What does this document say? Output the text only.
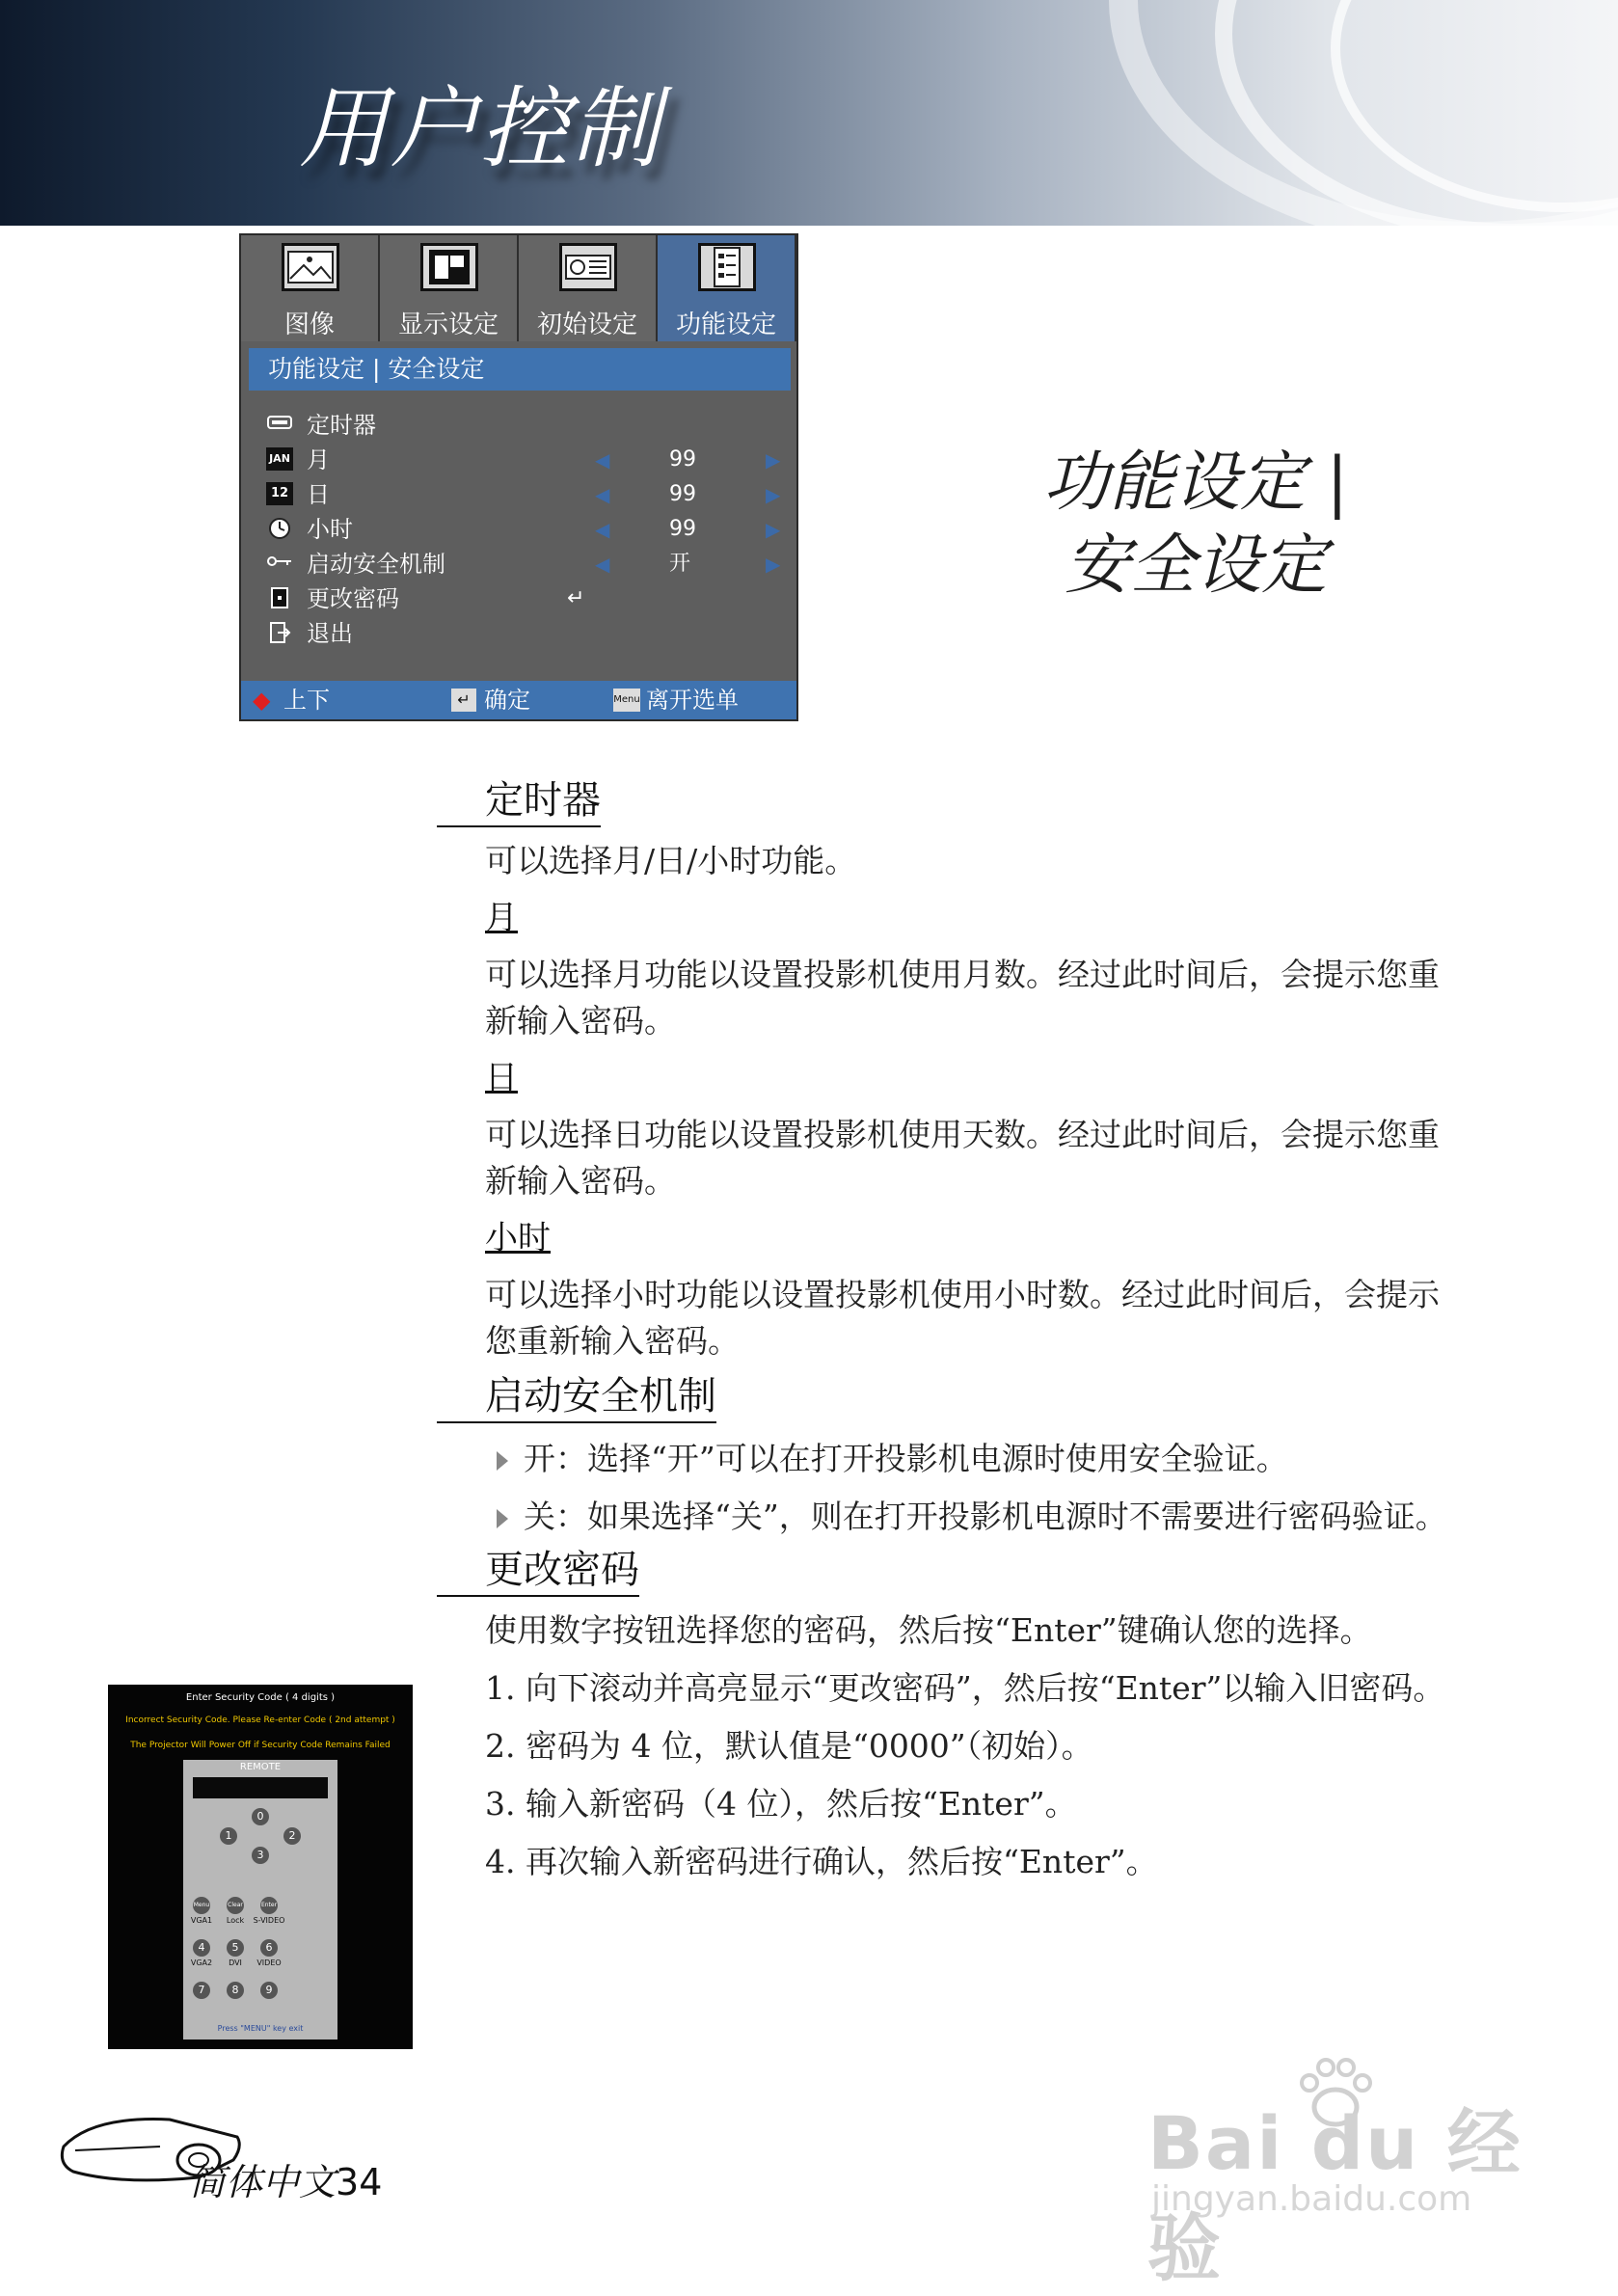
用户控制
图像	显示设定	初始设定	功能设定
功能设定 | 安全设定
定时器
JAN 月	◀	99	▶
12 日	◀	99	▶
小时	◀	99	▶
启动安全机制	◀	开	▶
更改密码	↵
退出
◆ 上下	↵ 确定	Menu 离开选单
功能设定 |
安全设定
定时器
可以选择月/日/小时功能。
月
可以选择月功能以设置投影机使用月数。经过此时间后，会提示您重
新输入密码。
日
可以选择日功能以设置投影机使用天数。经过此时间后，会提示您重
新输入密码。
小时
可以选择小时功能以设置投影机使用小时数。经过此时间后，会提示
您重新输入密码。
启动安全机制
开：选择“开”可以在打开投影机电源时使用安全验证。
关：如果选择“关”，则在打开投影机电源时不需要进行密码验证。
更改密码
使用数字按钮选择您的密码，然后按“Enter”键确认您的选择。
1. 向下滚动并高亮显示“更改密码”，然后按“Enter”以输入旧密码。
2. 密码为 4 位，默认值是“0000”（初始）。
3. 输入新密码（4 位），然后按“Enter”。
4. 再次输入新密码进行确认，然后按“Enter”。
Enter Security Code ( 4 digits )
Incorrect Security Code. Please Re-enter Code ( 2nd attempt )
The Projector Will Power Off if Security Code Remains Failed
REMOTE
0
1	2
3
Menu	Clear	Enter
VGA1	Lock	S-VIDEO
4	5	6
VGA2	DVI	VIDEO
7	8	9
Press "MENU" key exit
简体中文34	Bai du 经验
jingyan.baidu.com
